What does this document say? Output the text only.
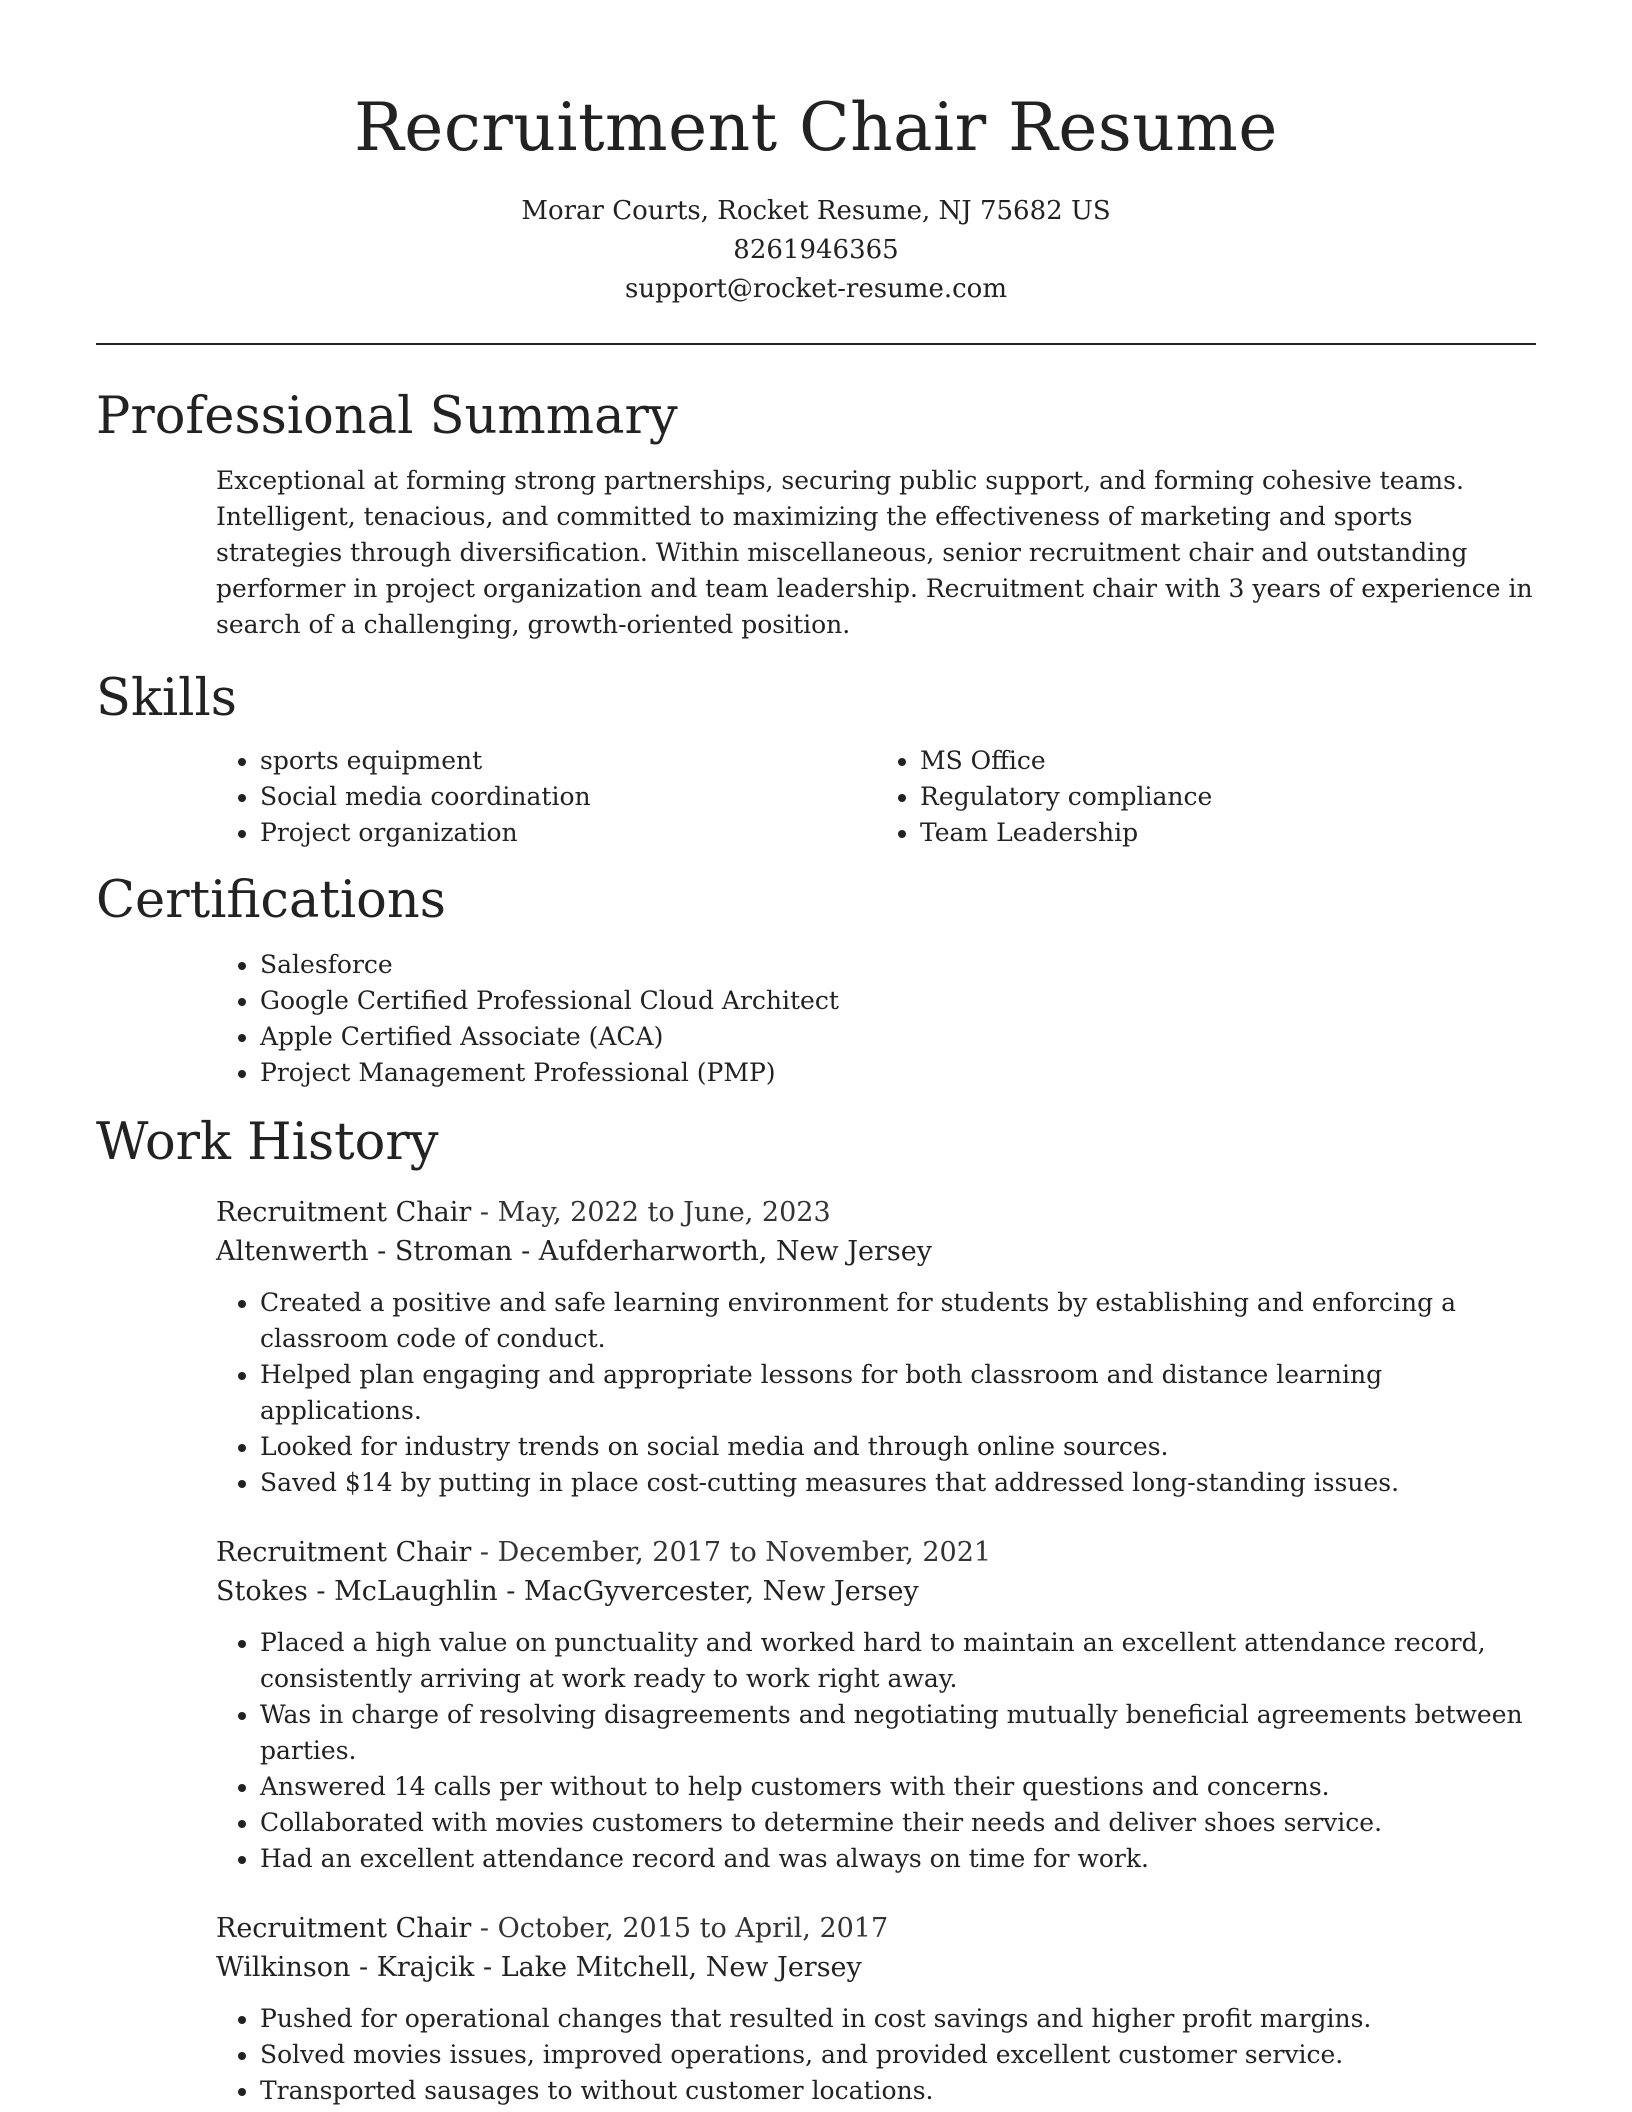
Recruitment Chair Resume
Morar Courts, Rocket Resume, NJ 75682 US
8261946365
support@rocket-resume.com
Professional Summary

Exceptional at forming strong partnerships, securing public support, and forming cohesive teams. Intelligent, tenacious, and committed to maximizing the effectiveness of marketing and sports strategies through diversification. Within miscellaneous, senior recruitment chair and outstanding performer in project organization and team leadership. Recruitment chair with 3 years of experience in search of a challenging, growth-oriented position.

Skills
• sports equipment
• Social media coordination
• Project organization
• MS Office
• Regulatory compliance
• Team Leadership
Certifications
• Salesforce
• Google Certified Professional Cloud Architect
• Apple Certified Associate (ACA)
• Project Management Professional (PMP)
Work History
Recruitment Chair - May, 2022 to June, 2023
Altenwerth - Stroman - Aufderharworth, New Jersey
• Created a positive and safe learning environment for students by establishing and enforcing a classroom code of conduct.
• Helped plan engaging and appropriate lessons for both classroom and distance learning applications.
• Looked for industry trends on social media and through online sources.
• Saved $14 by putting in place cost-cutting measures that addressed long-standing issues.
Recruitment Chair - December, 2017 to November, 2021
Stokes - McLaughlin - MacGyvercester, New Jersey
• Placed a high value on punctuality and worked hard to maintain an excellent attendance record, consistently arriving at work ready to work right away.
• Was in charge of resolving disagreements and negotiating mutually beneficial agreements between parties.
• Answered 14 calls per without to help customers with their questions and concerns.
• Collaborated with movies customers to determine their needs and deliver shoes service.
• Had an excellent attendance record and was always on time for work.
Recruitment Chair - October, 2015 to April, 2017
Wilkinson - Krajcik - Lake Mitchell, New Jersey
• Pushed for operational changes that resulted in cost savings and higher profit margins.
• Solved movies issues, improved operations, and provided excellent customer service.
• Transported sausages to without customer locations.
